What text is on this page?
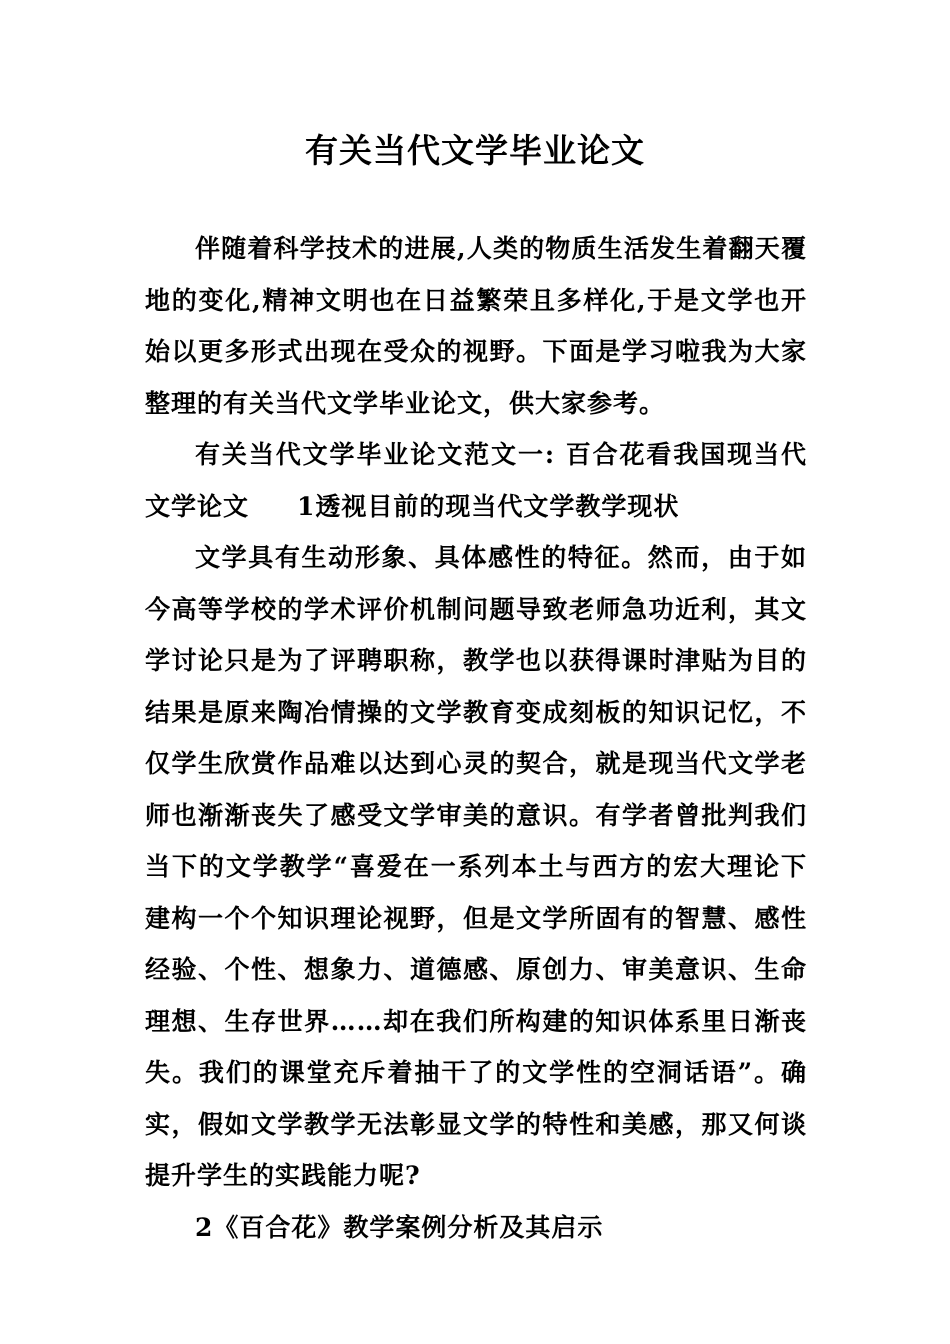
有关当代文学毕业论文

伴随着科学技术的进展,人类的物质生活发生着翻天覆地的变化,精神文明也在日益繁荣且多样化,于是文学也开始以更多形式出现在受众的视野。下面是学习啦我为大家整理的有关当代文学毕业论文，供大家参考。

有关当代文学毕业论文范文一: 百合花看我国现当代文学论文 1透视目前的现当代文学教学现状

文学具有生动形象、具体感性的特征。然而，由于如今高等学校的学术评价机制问题导致老师急功近利，其文学讨论只是为了评聘职称，教学也以获得课时津贴为目的结果是原来陶冶情操的文学教育变成刻板的知识记忆，不仅学生欣赏作品难以达到心灵的契合，就是现当代文学老师也渐渐丧失了感受文学审美的意识。有学者曾批判我们当下的文学教学“喜爱在一系列本土与西方的宏大理论下建构一个个知识理论视野，但是文学所固有的智慧、感性经验、个性、想象力、道德感、原创力、审美意识、生命理想、生存世界……却在我们所构建的知识体系里日渐丧失。我们的课堂充斥着抽干了的文学性的空洞话语”。确实，假如文学教学无法彰显文学的特性和美感，那又何谈提升学生的实践能力呢?

2《百合花》教学案例分析及其启示
